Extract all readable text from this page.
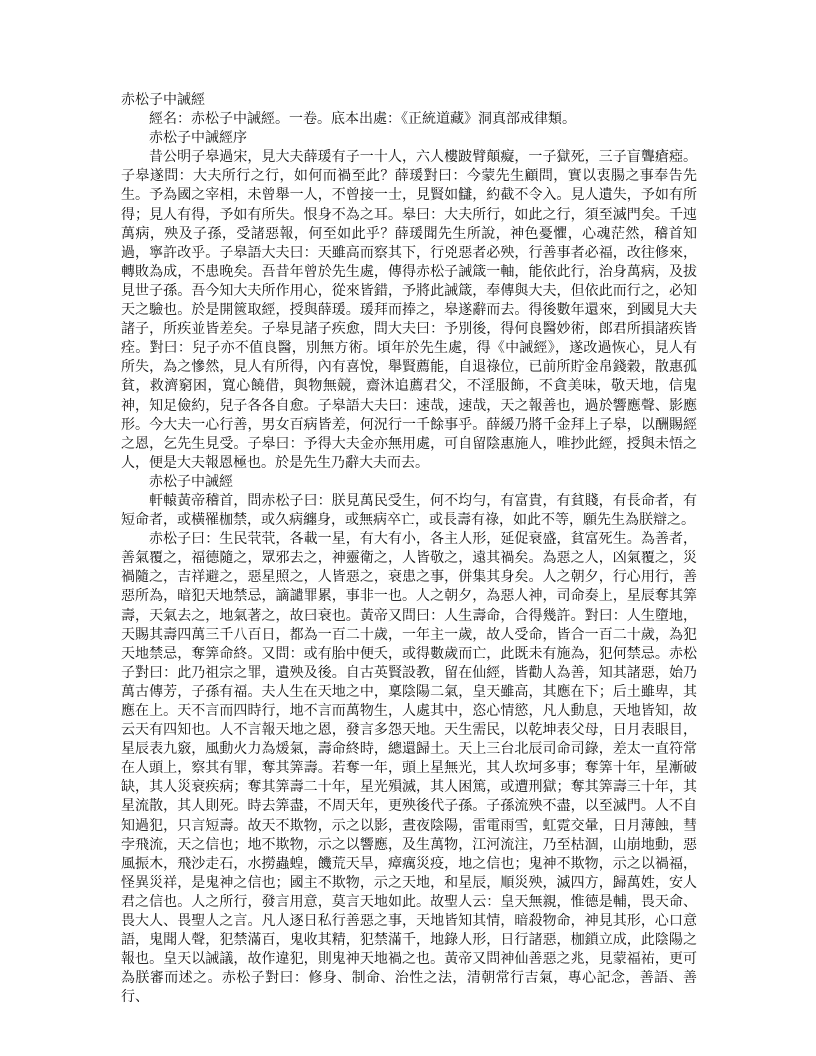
赤松子中誡經

經名：赤松子中誡經。一卷。底本出處：《正統道藏》洞真部戒律類。

赤松子中誡經序

昔公明子皋過宋，見大夫薛瑗有子一十人，六人樓跛臂顛癡，一子獄死，三子盲聾瘡瘂。子皋遂問：大夫所行之行，如何而禍至此？薛瑗對曰：今蒙先生顧問，實以衷腸之事奉告先生。予為國之宰相，未曾舉一人，不曾接一士，見賢如讎，約截不令入。見人遺失，予如有所得；見人有得，予如有所失。恨身不為之耳。皋曰：大夫所行，如此之行，須至滅門矣。千迍萬病，殃及子孫，受諸惡報，何至如此乎？薛瑗聞先生所說，神色憂懼，心魂茫然，稽首知過，寧許改乎。子皋語大夫曰：天雖高而察其下，行兇惡者必殃，行善事者必福，改往修來，轉敗為成，不患晚矣。吾昔年曾於先生處，傳得赤松子誡箴一軸，能依此行，治身萬病，及拔見世子孫。吾今知大夫所作用心，從來皆錯，予將此誡箴，奉傳與大夫，但依此而行之，必知天之驗也。於是開篋取經，授與薛瑗。瑗拜而捧之，皋遂辭而去。得後數年還來，到國見大夫諸子，所疾並皆差矣。子皋見諸子疾愈，問大夫曰：予別後，得何良醫妙術，郎君所損諸疾皆痊。對曰：兒子亦不值良醫，別無方術。頃年於先生處，得《中誡經》，遂改過恢心，見人有所失，為之慘然，見人有所得，內有喜悅，舉賢薦能，自退祿位，已前所貯金帛錢穀，散惠孤貧，救濟窮困，寬心饒借，與物無競，齋沐追薦君父，不淫服飾，不貪美味，敬天地，信鬼神，知足儉約，兒子各各自愈。子皋語大夫曰：速哉，速哉，天之報善也，過於響應聲、影應形。今大夫一心行善，男女百病皆差，何況行一千餘事乎。薛緩乃將千金拜上子皋，以酬賜經之恩，乞先生見受。子皋曰：予得大夫金亦無用處，可自留陰惠施人，唯抄此經，授與未悟之人，便是大夫報恩極也。於是先生乃辭大夫而去。

赤松子中誡經

軒轅黃帝稽首，問赤松子曰：朕見萬民受生，何不均勻，有富貴，有貧賤，有長命者，有短命者，或橫罹枷禁，或久病纏身，或無病卒亡，或長壽有祿，如此不等，願先生為朕辯之。

赤松子曰：生民茕茕，各載一星，有大有小，各主人形，延促衰盛，貧富死生。為善者，善氣覆之，福德隨之，眾邪去之，神靈衛之，人皆敬之，遠其禍矣。為惡之人，凶氣覆之，災禍隨之，吉祥避之，惡星照之，人皆惡之，衰患之事，併集其身矣。人之朝夕，行心用行，善惡所為，暗犯天地禁忌，謫譴罪累，事非一也。人之朝夕，為惡人神，司命奏上，星辰奪其筭壽，天氣去之，地氣著之，故曰衰也。黃帝又問曰：人生壽命，合得幾許。對曰：人生墮地，天賜其壽四萬三千八百日，都為一百二十歲，一年主一歲，故人受命，皆合一百二十歲，為犯天地禁忌，奪筭命終。又問：或有胎中便夭，或得數歲而亡，此既未有施為，犯何禁忌。赤松子對曰：此乃祖宗之罪，遺殃及後。自古英賢設教，留在仙經，皆勸人為善，知其諸惡，始乃萬古傳芳，子孫有福。夫人生在天地之中，稟陰陽二氣，皇天雖高，其應在下；后土雖卑，其應在上。天不言而四時行，地不言而萬物生，人處其中，恣心情慾，凡人動息，天地皆知，故云天有四知也。人不言報天地之恩，發言多怨天地。天生需民，以乾坤表父母，日月表眼目，星辰表九竅，風動火力為煖氣，壽命終時，總還歸土。天上三台北辰司命司錄，差太一直符常在人頭上，察其有罪，奪其筭壽。若奪一年，頭上星無光，其人坎坷多事；奪筭十年，星漸破缺，其人災衰疾病；奪其筭壽二十年，星光殞滅，其人困篤，或遭刑獄；奪其筭壽三十年，其星流散，其人則死。時去筭盡，不周天年，更殃後代子孫。子孫流殃不盡，以至滅門。人不自知過犯，只言短壽。故天不欺物，示之以影，晝夜陰陽，雷電雨雪，虹霓交暈，日月薄蝕，彗孛飛流，天之信也；地不欺物，示之以響應，及生萬物，江河流注，乃至枯涸，山崩地動，惡風振木，飛沙走石，水撈蟲蝗，饑荒天旱，瘴癘災疫，地之信也；鬼神不欺物，示之以禍福，怪異災祥，是鬼神之信也；國主不欺物，示之天地，和星辰，順災殃，滅四方，歸萬姓，安人君之信也。人之所行，發言用意，莫言天地如此。故聖人云：皇天無親，惟德是輔，畏天命、畏大人、畏聖人之言。凡人逐日私行善惡之事，天地皆知其情，暗殺物命，神見其形，心口意語，鬼聞人聲，犯禁滿百，鬼收其精，犯禁滿千，地錄人形，日行諸惡，枷鎖立成，此陰陽之報也。皇天以誡議，故作違犯，則鬼神天地禍之也。黃帝又問神仙善惡之兆，見蒙福祐，更可為朕審而述之。赤松子對曰：修身、制命、治性之法，清朝常行吉氣，專心記念，善語、善行、
